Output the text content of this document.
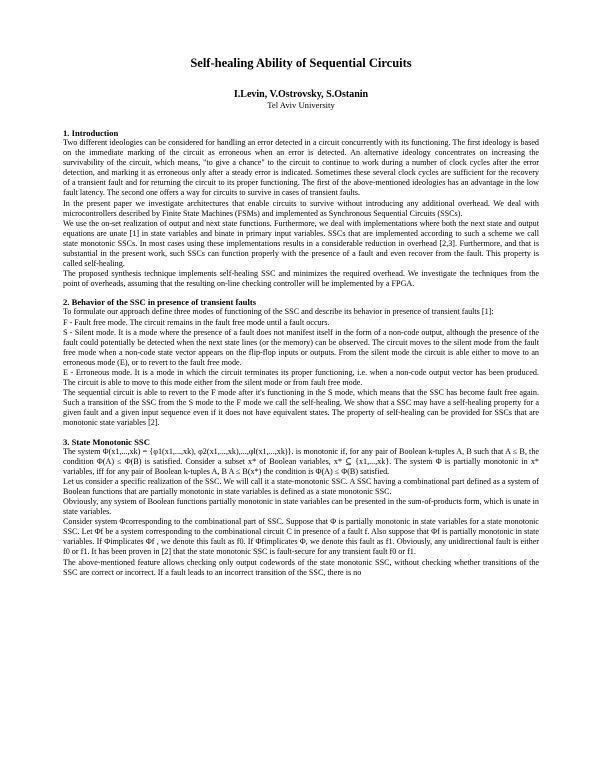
Self-healing Ability of Sequential Circuits
I.Levin, V.Ostrovsky, S.Ostanin
Tel Aviv University
1. Introduction

Two different ideologies can be considered for handling an error detected in a circuit concurrently with its functioning. The first ideology is based on the immediate marking of the circuit as erroneous when an error is detected. An alternative ideology concentrates on increasing the survivability of the circuit, which means, "to give a chance" to the circuit to continue to work during a number of clock cycles after the error detection, and marking it as erroneous only after a steady error is indicated. Sometimes these several clock cycles are sufficient for the recovery of a transient fault and for returning the circuit to its proper functioning. The first of the above-mentioned ideologies has an advantage in the low fault latency. The second one offers a way for circuits to survive in cases of transient faults.

In the present paper we investigate architectures that enable circuits to survive without introducing any additional overhead. We deal with microcontrollers described by Finite State Machines (FSMs) and implemented as Synchronous Sequential Circuits (SSCs).

We use the on-set realization of output and next state functions. Furthermore, we deal with implementations where both the next state and output equations are unate [1] in state variables and binate in primary input variables. SSCs that are implemented according to such a scheme we call state monotonic SSCs. In most cases using these implementations results in a considerable reduction in overhead [2,3]. Furthermore, and that is substantial in the present work, such SSCs can function properly with the presence of a fault and even recover from the fault. This property is called self-healing.

The proposed synthesis technique implements self-healing SSC and minimizes the required overhead. We investigate the techniques from the point of overheads, assuming that the resulting on-line checking controller will be implemented by a FPGA.

2. Behavior of the SSC in presence of transient faults

To formulate our approach define three modes of functioning of the SSC and describe its behavior in presence of transient faults [1]:

F - Fault free mode. The circuit remains in the fault free mode until a fault occurs.

S - Silent mode. It is a mode where the presence of a fault does not manifest itself in the form of a non-code output, although the presence of the fault could potentially be detected when the next state lines (or the memory) can be observed. The circuit moves to the silent mode from the fault free mode when a non-code state vector appears on the flip-flop inputs or outputs. From the silent mode the circuit is able either to move to an erroneous mode (E), or to revert to the fault free mode.

E - Erroneous mode. It is a mode in which the circuit terminates its proper functioning, i.e. when a non-code output vector has been produced. The circuit is able to move to this mode either from the silent mode or from fault free mode.

The sequential circuit is able to revert to the F mode after it's functioning in the S mode, which means that the SSC has become fault free again. Such a transition of the SSC from the S mode to the F mode we call the self-healing. We show that a SSC may have a self-healing property for a given fault and a given input sequence even if it does not have equivalent states. The property of self-healing can be provided for SSCs that are monotonic state variables [2].

3. State Monotonic SSC

The system Φ(x1,...,xk) = {φ1(x1,...,xk), φ2(x1,...,xk),...,φl(x1,...,xk)}. is monotonic if, for any pair of Boolean k-tuples A, B such that A ≤ B, the condition Φ(A) ≤ Φ(B) is satisfied. Consider a subset x* of Boolean variables, x* ⊆ {x1,...,xk}. The system Φ is partially monotonic in x* variables, iff for any pair of Boolean k-tuples A, B A ≤ B(x*) the condition is Φ(A) ≤ Φ(B) satisfied.

Let us consider a specific realization of the SSC. We will call it a state-monotonic SSC. A SSC having a combinational part defined as a system of Boolean functions that are partially monotonic in state variables is defined as a state monotonic SSC.

Obviously, any system of Boolean functions partially monotonic in state variables can be presented in the sum-of-products form, which is unate in state variables.

Consider system Φcorresponding to the combinational part of SSC. Suppose that Φ is partially monotonic in state variables for a state monotonic SSC. Let Φf be a system corresponding to the combinational circuit C in presence of a fault f. Also suppose that Φf is partially monotonic in state variables. If Φimplicates Φf , we denote this fault as f0. If Φfimplicates Φ, we denote this fault as f1. Obviously, any unidirectional fault is either f0 or f1. It has been proven in [2] that the state monotonic SSC is fault-secure for any transient fault f0 or f1.

The above-mentioned feature allows checking only output codewords of the state monotonic SSC, without checking whether transitions of the SSC are correct or incorrect. If a fault leads to an incorrect transition of the SSC, there is no
